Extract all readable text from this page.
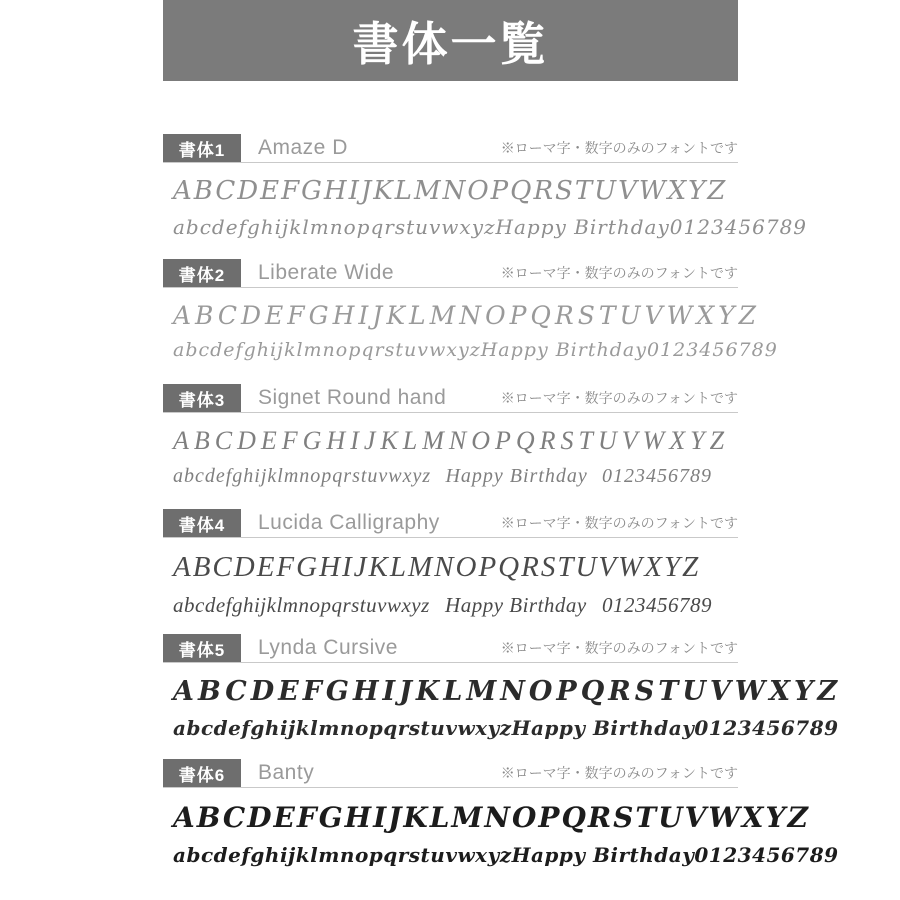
書体一覧
書体1	Amaze D	※ローマ字・数字のみのフォントです
ABCDEFGHIJKLMNOPQRSTUVWXYZ
abcdefghijklmnopqrstuvwxyz Happy Birthday 0123456789
書体2	Liberate Wide	※ローマ字・数字のみのフォントです
ABCDEFGHIJKLMNOPQRSTUVWXYZ
abcdefghijklmnopqrstuvwxyz Happy Birthday 0123456789
書体3	Signet Round hand	※ローマ字・数字のみのフォントです
ABCDEFGHIJKLMNOPQRSTUVWXYZ
abcdefghijklmnopqrstuvwxyz Happy Birthday 0123456789
書体4	Lucida Calligraphy	※ローマ字・数字のみのフォントです
ABCDEFGHIJKLMNOPQRSTUVWXYZ
abcdefghijklmnopqrstuvwxyz Happy Birthday 0123456789
書体5	Lynda Cursive	※ローマ字・数字のみのフォントです
ABCDEFGHIJKLMNOPQRSTUVWXYZ
abcdefghijklmnopqrstuvwxyz Happy Birthday 0123456789
書体6	Banty	※ローマ字・数字のみのフォントです
ABCDEFGHIJKLMNOPQRSTUVWXYZ
abcdefghijklmnopqrstuvwxyz Happy Birthday 0123456789
